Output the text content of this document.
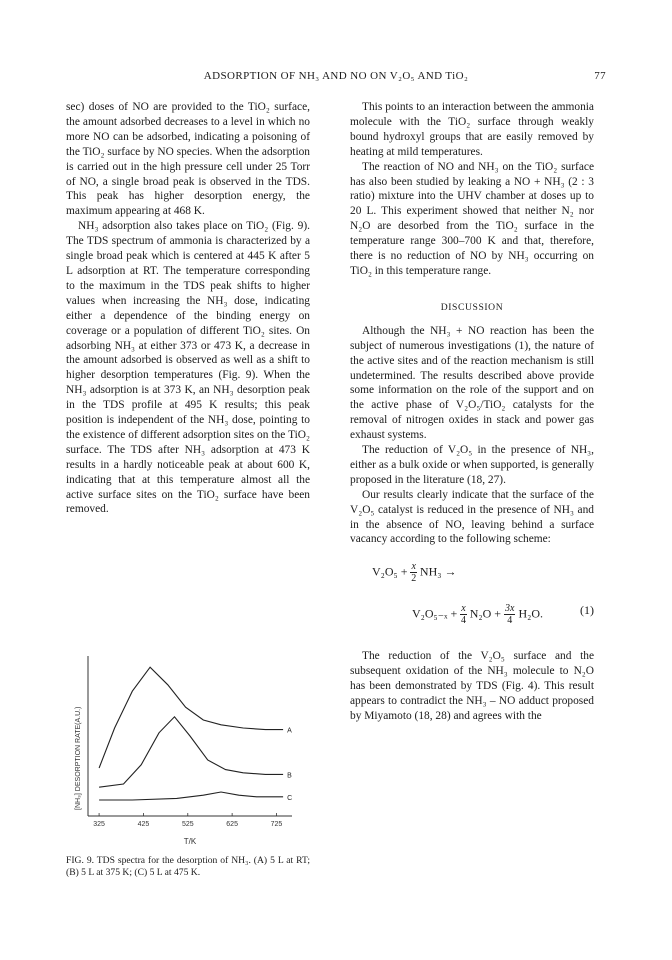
ADSORPTION OF NH₃ AND NO ON V₂O₅ AND TiO₂	77

sec) doses of NO are provided to the TiO₂ surface, the amount adsorbed decreases to a level in which no more NO can be adsorbed, indicating a poisoning of the TiO₂ surface by NO species. When the adsorption is carried out in the high pressure cell under 25 Torr of NO, a single broad peak is observed in the TDS. This peak has higher desorption energy, the maximum appearing at 468 K.

NH₃ adsorption also takes place on TiO₂ (Fig. 9). The TDS spectrum of ammonia is characterized by a single broad peak which is centered at 445 K after 5 L adsorption at RT. The temperature corresponding to the maximum in the TDS peak shifts to higher values when increasing the NH₃ dose, indicating either a dependence of the binding energy on coverage or a population of different TiO₂ sites. On adsorbing NH₃ at either 373 or 473 K, a decrease in the amount adsorbed is observed as well as a shift to higher desorption temperatures (Fig. 9). When the NH₃ adsorption is at 373 K, an NH₃ desorption peak in the TDS profile at 495 K results; this peak position is independent of the NH₃ dose, pointing to the existence of different adsorption sites on the TiO₂ surface. The TDS after NH₃ adsorption at 473 K results in a hardly noticeable peak at about 600 K, indicating that at this temperature almost all the active surface sites on the TiO₂ surface have been removed.

[NH₃] DESORPTION RATE(A.U.)
T/K
A
B
C
325	425	525	625	725
FIG. 9. TDS spectra for the desorption of NH₃. (A) 5 L at RT; (B) 5 L at 375 K; (C) 5 L at 475 K.

This points to an interaction between the ammonia molecule with the TiO₂ surface through weakly bound hydroxyl groups that are easily removed by heating at mild temperatures.

The reaction of NO and NH₃ on the TiO₂ surface has also been studied by leaking a NO + NH₃ (2 : 3 ratio) mixture into the UHV chamber at doses up to 20 L. This experiment showed that neither N₂ nor N₂O are desorbed from the TiO₂ surface in the temperature range 300–700 K and that, therefore, there is no reduction of NO by NH₃ occurring on TiO₂ in this temperature range.

DISCUSSION

Although the NH₃ + NO reaction has been the subject of numerous investigations (1), the nature of the active sites and of the reaction mechanism is still undetermined. The results described above provide some information on the role of the support and on the active phase of V₂O₅/TiO₂ catalysts for the removal of nitrogen oxides in stack and power gas exhaust systems.

The reduction of V₂O₅ in the presence of NH₃, either as a bulk oxide or when supported, is generally proposed in the literature (18, 27).

Our results clearly indicate that the surface of the V₂O₅ catalyst is reduced in the presence of NH₃ and in the absence of NO, leaving behind a surface vacancy according to the following scheme:

$V_2O_5 + \frac{x}{2} NH_3$ →
$V_2O_{5-x} + \frac{x}{4} N_2O + \frac{3x}{4} H_2O$.	(1)

The reduction of the V₂O₅ surface and the subsequent oxidation of the NH₃ molecule to N₂O has been demonstrated by TDS (Fig. 4). This result appears to contradict the NH₃ – NO adduct proposed by Miyamoto (18, 28) and agrees with the
